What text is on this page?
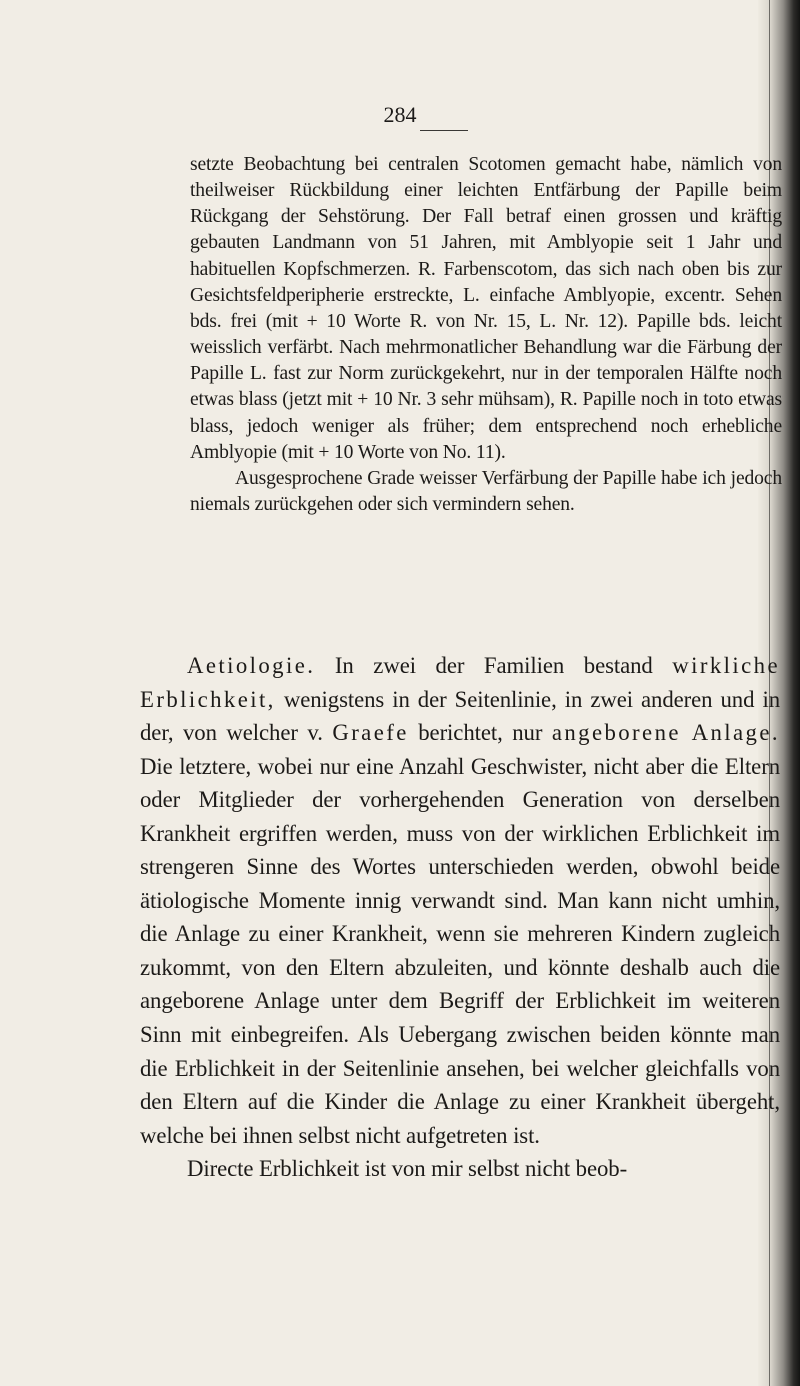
284

setzte Beobachtung bei centralen Scotomen gemacht habe, nämlich von theilweiser Rückbildung einer leichten Entfärbung der Papille beim Rückgang der Sehstörung. Der Fall betraf einen grossen und kräftig gebauten Landmann von 51 Jahren, mit Amblyopie seit 1 Jahr und habituellen Kopfschmerzen. R. Farbenscotom, das sich nach oben bis zur Gesichtsfeldperipherie erstreckte, L. einfache Amblyopie, excentr. Sehen bds. frei (mit + 10 Worte R. von Nr. 15, L. Nr. 12). Papille bds. leicht weisslich verfärbt. Nach mehrmonatlicher Behandlung war die Färbung der Papille L. fast zur Norm zurückgekehrt, nur in der temporalen Hälfte noch etwas blass (jetzt mit + 10 Nr. 3 sehr mühsam), R. Papille noch in toto etwas blass, jedoch weniger als früher; dem entsprechend noch erhebliche Amblyopie (mit + 10 Worte von No. 11).

Ausgesprochene Grade weisser Verfärbung der Papille habe ich jedoch niemals zurückgehen oder sich vermindern sehen.

Aetiologie. In zwei der Familien bestand wirkliche Erblichkeit, wenigstens in der Seitenlinie, in zwei anderen und in der, von welcher v. Graefe berichtet, nur angeborene Anlage. Die letztere, wobei nur eine Anzahl Geschwister, nicht aber die Eltern oder Mitglieder der vorhergehenden Generation von derselben Krankheit ergriffen werden, muss von der wirklichen Erblichkeit im strengeren Sinne des Wortes unterschieden werden, obwohl beide ätiologische Momente innig verwandt sind. Man kann nicht umhin, die Anlage zu einer Krankheit, wenn sie mehreren Kindern zugleich zukommt, von den Eltern abzuleiten, und könnte deshalb auch die angeborene Anlage unter dem Begriff der Erblichkeit im weiteren Sinn mit einbegreifen. Als Uebergang zwischen beiden könnte man die Erblichkeit in der Seitenlinie ansehen, bei welcher gleichfalls von den Eltern auf die Kinder die Anlage zu einer Krankheit übergeht, welche bei ihnen selbst nicht aufgetreten ist.

Directe Erblichkeit ist von mir selbst nicht beob-
